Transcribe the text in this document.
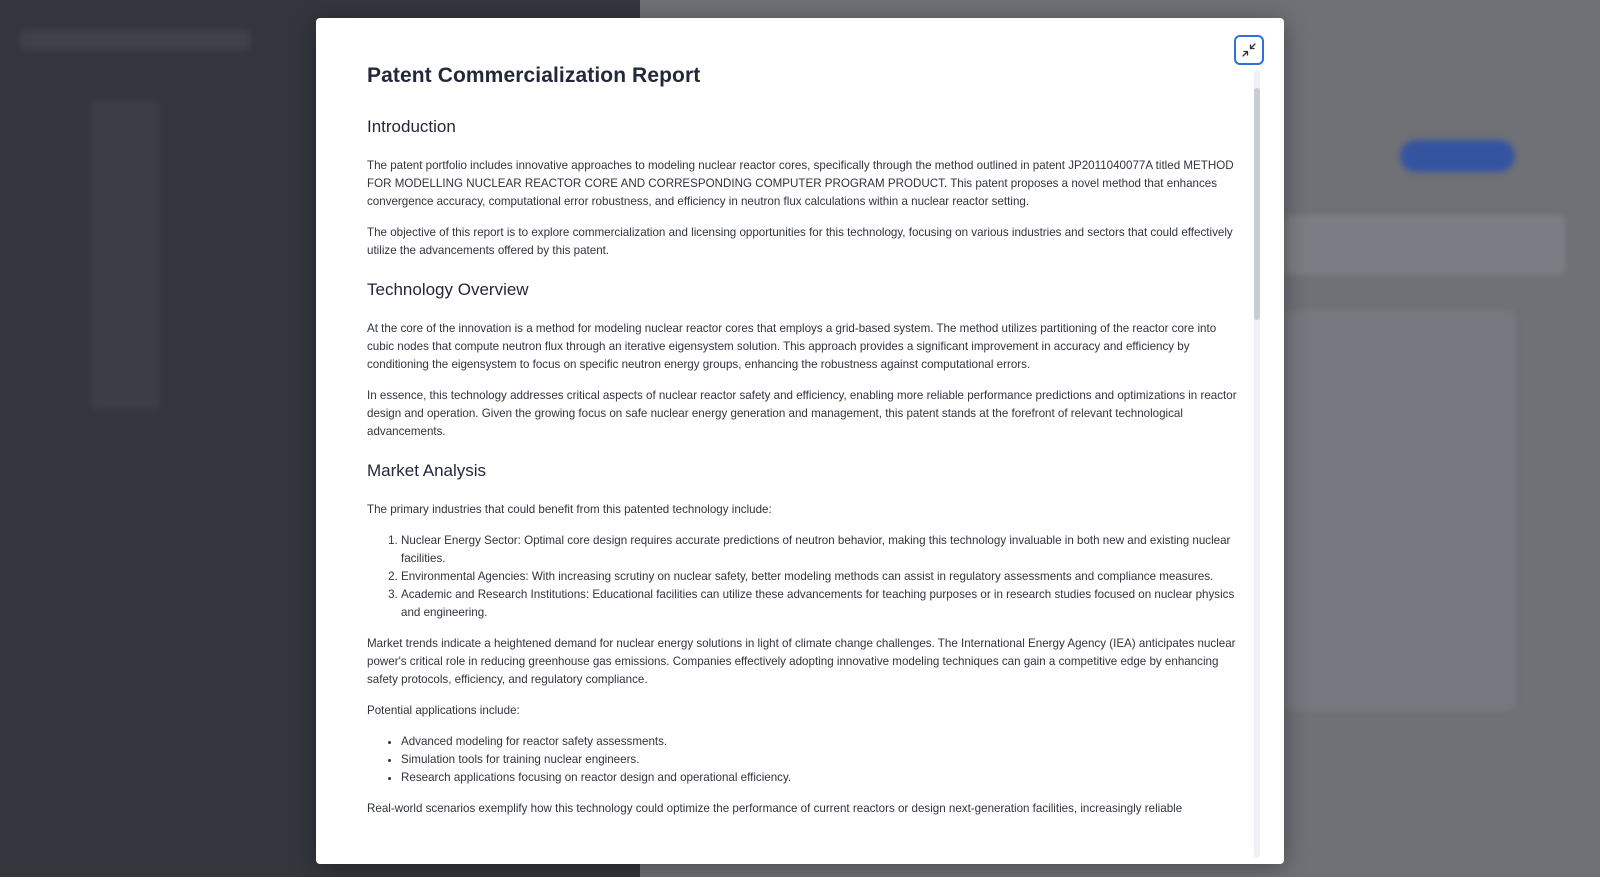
Patent Commercialization Report
Introduction

The patent portfolio includes innovative approaches to modeling nuclear reactor cores, specifically through the method outlined in patent JP2011040077A titled METHOD FOR MODELLING NUCLEAR REACTOR CORE AND CORRESPONDING COMPUTER PROGRAM PRODUCT. This patent proposes a novel method that enhances convergence accuracy, computational error robustness, and efficiency in neutron flux calculations within a nuclear reactor setting.

The objective of this report is to explore commercialization and licensing opportunities for this technology, focusing on various industries and sectors that could effectively utilize the advancements offered by this patent.

Technology Overview

At the core of the innovation is a method for modeling nuclear reactor cores that employs a grid-based system. The method utilizes partitioning of the reactor core into cubic nodes that compute neutron flux through an iterative eigensystem solution. This approach provides a significant improvement in accuracy and efficiency by conditioning the eigensystem to focus on specific neutron energy groups, enhancing the robustness against computational errors.

In essence, this technology addresses critical aspects of nuclear reactor safety and efficiency, enabling more reliable performance predictions and optimizations in reactor design and operation. Given the growing focus on safe nuclear energy generation and management, this patent stands at the forefront of relevant technological advancements.

Market Analysis

The primary industries that could benefit from this patented technology include:

1. Nuclear Energy Sector: Optimal core design requires accurate predictions of neutron behavior, making this technology invaluable in both new and existing nuclear facilities.
2. Environmental Agencies: With increasing scrutiny on nuclear safety, better modeling methods can assist in regulatory assessments and compliance measures.
3. Academic and Research Institutions: Educational facilities can utilize these advancements for teaching purposes or in research studies focused on nuclear physics and engineering.

Market trends indicate a heightened demand for nuclear energy solutions in light of climate change challenges. The International Energy Agency (IEA) anticipates nuclear power's critical role in reducing greenhouse gas emissions. Companies effectively adopting innovative modeling techniques can gain a competitive edge by enhancing safety protocols, efficiency, and regulatory compliance.

Potential applications include:

• Advanced modeling for reactor safety assessments.
• Simulation tools for training nuclear engineers.
• Research applications focusing on reactor design and operational efficiency.

Real-world scenarios exemplify how this technology could optimize the performance of current reactors or design next-generation facilities, increasingly reliable
